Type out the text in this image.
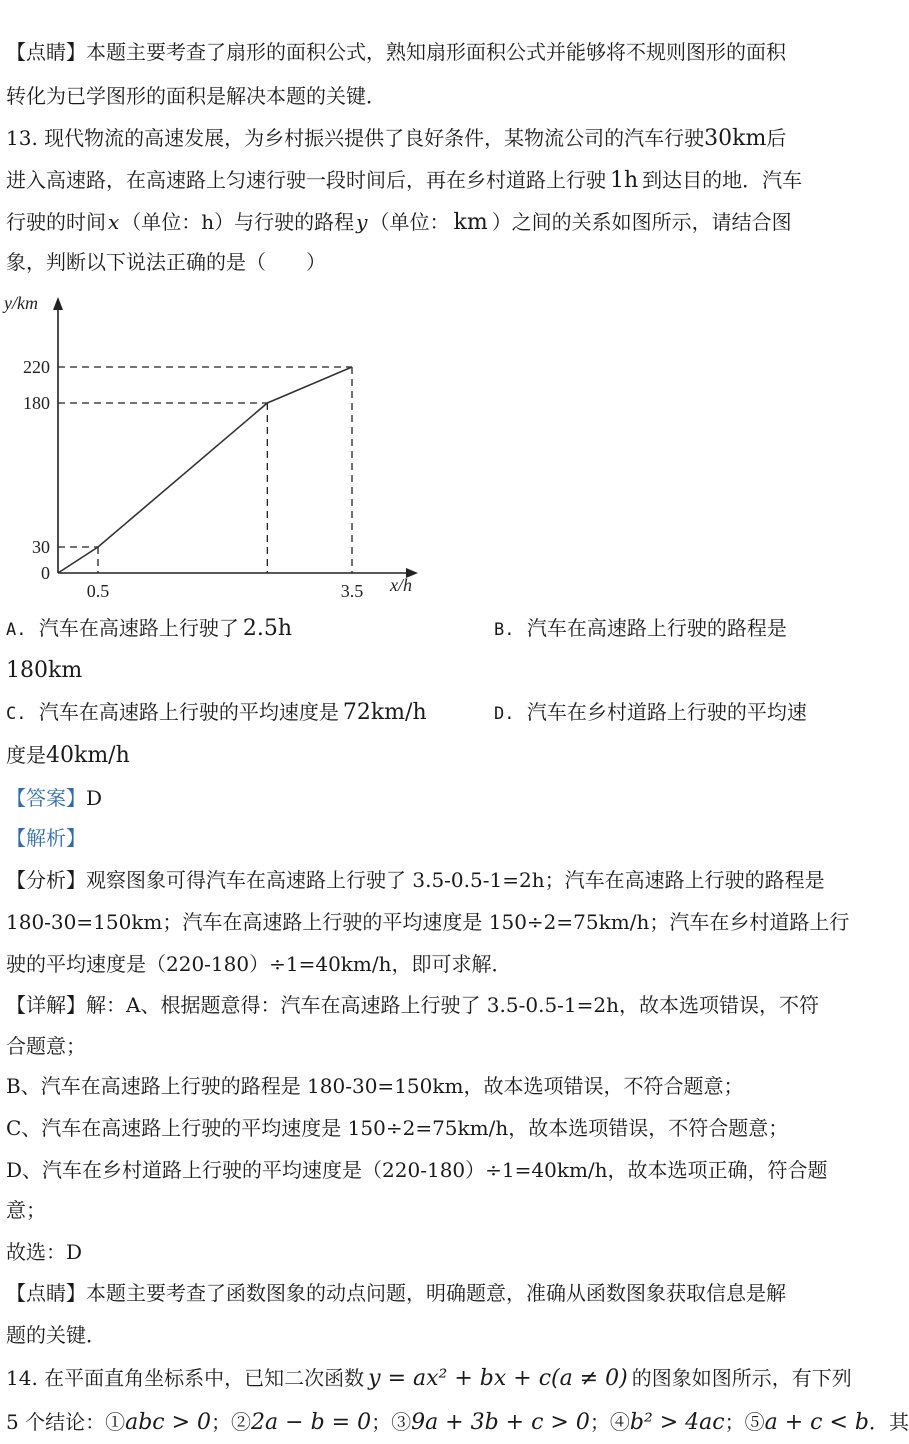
【点睛】本题主要考查了扇形的面积公式，熟知扇形面积公式并能够将不规则图形的面积
转化为已学图形的面积是解决本题的关键．
13. 现代物流的高速发展，为乡村振兴提供了良好条件，某物流公司的汽车行驶30km后
进入高速路，在高速路上匀速行驶一段时间后，再在乡村道路上行驶 1h 到达目的地．汽车
行驶的时间 x （单位：h）与行驶的路程 y （单位： km ）之间的关系如图所示，请结合图
象，判断以下说法正确的是（　　）
30
180
220
0.5	3.5
0
x/h
y/km
A. 汽车在高速路上行驶了 2.5h	B. 汽车在高速路上行驶的路程是
180km
C. 汽车在高速路上行驶的平均速度是 72km/h	D. 汽车在乡村道路上行驶的平均速
度是40km/h
【答案】D
【解析】
【分析】观察图象可得汽车在高速路上行驶了 3.5-0.5-1=2h；汽车在高速路上行驶的路程是
180-30=150km；汽车在高速路上行驶的平均速度是 150÷2=75km/h；汽车在乡村道路上行
驶的平均速度是（220-180）÷1=40km/h，即可求解．
【详解】解：A、根据题意得：汽车在高速路上行驶了 3.5-0.5-1=2h，故本选项错误，不符
合题意；
B、汽车在高速路上行驶的路程是 180-30=150km，故本选项错误，不符合题意；
C、汽车在高速路上行驶的平均速度是 150÷2=75km/h，故本选项错误，不符合题意；
D、汽车在乡村道路上行驶的平均速度是（220-180）÷1=40km/h，故本选项正确，符合题
意；
故选：D
【点睛】本题主要考查了函数图象的动点问题，明确题意，准确从函数图象获取信息是解
题的关键．
14. 在平面直角坐标系中，已知二次函数 y = ax² + bx + c(a ≠ 0) 的图象如图所示，有下列
5 个结论：①abc > 0；②2a − b = 0；③9a + 3b + c > 0；④b² > 4ac；⑤a + c < b．其
